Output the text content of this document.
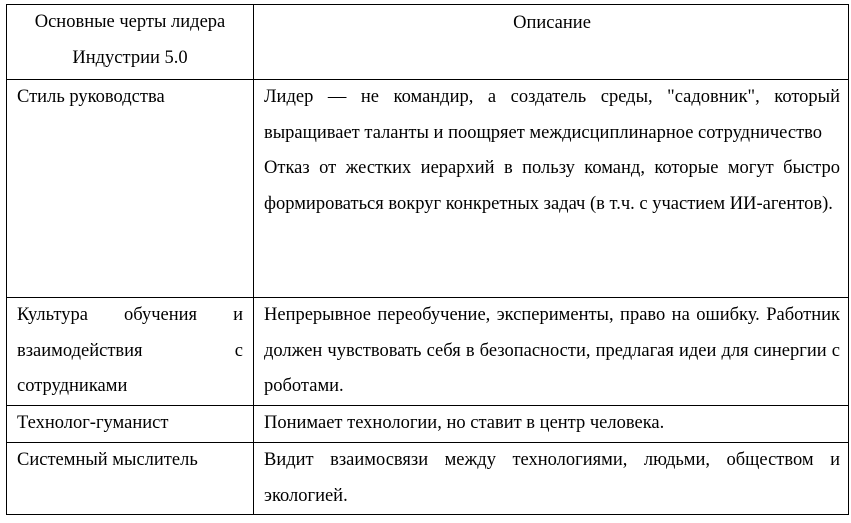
Основные черты лидера
Индустрии 5.0	Описание

Стиль руководства	Лидер — не командир, а создатель среды, "садовник", который выращивает таланты и поощряет междисциплинарное сотрудничество
Отказ от жестких иерархий в пользу команд, которые могут быстро формироваться вокруг конкретных задач (в т.ч. с участием ИИ-агентов).

Культура обучения и взаимодействия с сотрудниками	Непрерывное переобучение, эксперименты, право на ошибку. Работник должен чувствовать себя в безопасности, предлагая идеи для синергии с роботами.

Технолог-гуманист	Понимает технологии, но ставит в центр человека.

Системный мыслитель	Видит взаимосвязи между технологиями, людьми, обществом и экологией.
